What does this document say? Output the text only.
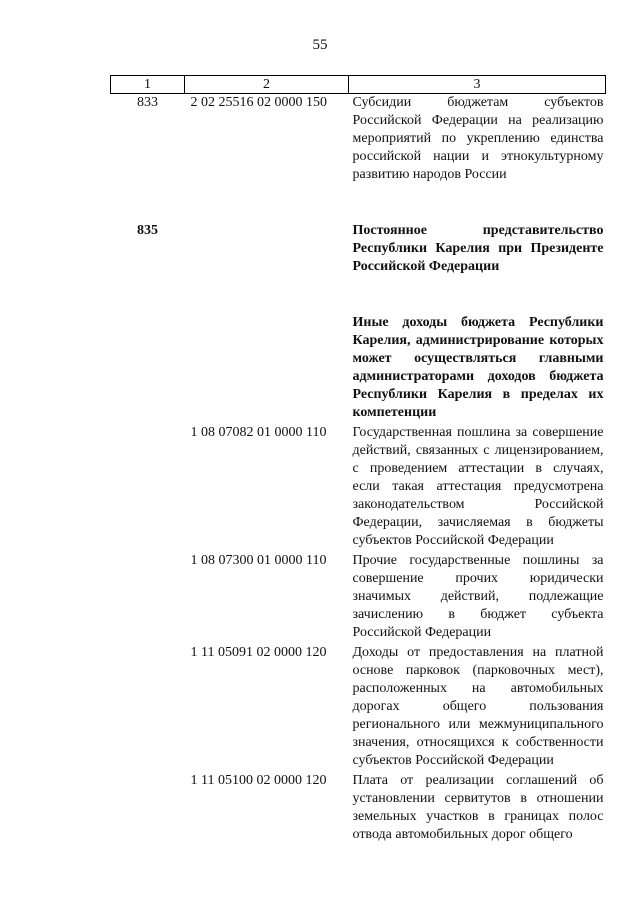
55
1	2	3
833	2 02 25516 02 0000 150	Субсидии бюджетам субъектов Российской Федерации на реализацию мероприятий по укреплению единства российской нации и этнокультурному развитию народов России

835		Постоянное представительство Республики Карелия при Президенте Российской Федерации

		Иные доходы бюджета Республики Карелия, администрирование которых может осуществляться главными администраторами доходов бюджета Республики Карелия в пределах их компетенции
	1 08 07082 01 0000 110	Государственная пошлина за совершение действий, связанных с лицензированием, с проведением аттестации в случаях, если такая аттестация предусмотрена законодательством Российской Федерации, зачисляемая в бюджеты субъектов Российской Федерации
	1 08 07300 01 0000 110	Прочие государственные пошлины за совершение прочих юридически значимых действий, подлежащие зачислению в бюджет субъекта Российской Федерации
	1 11 05091 02 0000 120	Доходы от предоставления на платной основе парковок (парковочных мест), расположенных на автомобильных дорогах общего пользования регионального или межмуниципального значения, относящихся к собственности субъектов Российской Федерации
	1 11 05100 02 0000 120	Плата от реализации соглашений об установлении сервитутов в отношении земельных участков в границах полос отвода автомобильных дорог общего
